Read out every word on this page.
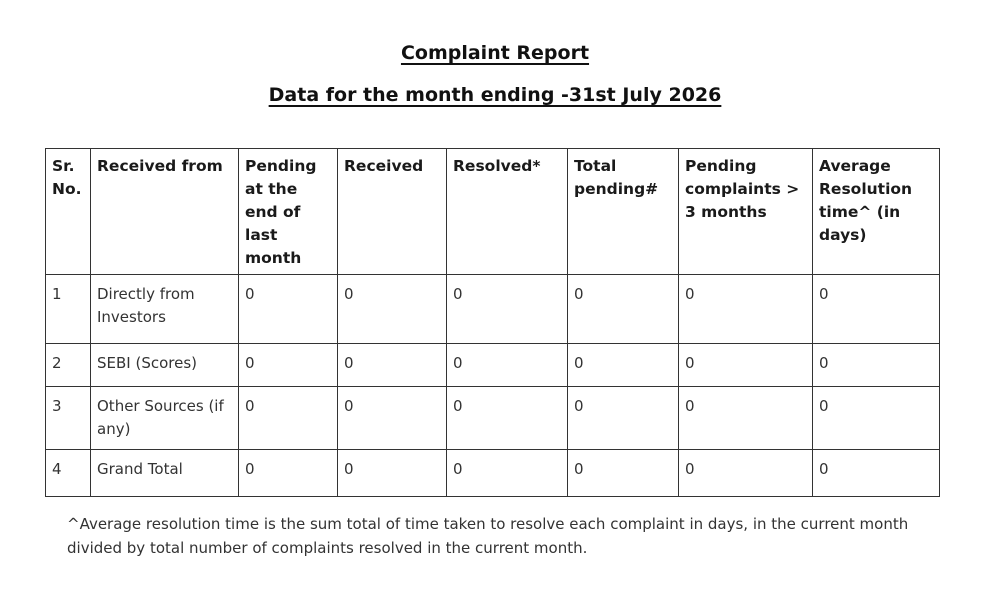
Complaint Report
Data for the month ending -31st July 2026
Sr. No.	Received from	Pending at the end of last month	Received	Resolved*	Total pending#	Pending complaints > 3 months	Average Resolution time^ (in days)
1	Directly from Investors	0	0	0	0	0	0
2	SEBI (Scores)	0	0	0	0	0	0
3	Other Sources (if any)	0	0	0	0	0	0
4	Grand Total	0	0	0	0	0	0
^Average resolution time is the sum total of time taken to resolve each complaint in days, in the current month divided by total number of complaints resolved in the current month.
